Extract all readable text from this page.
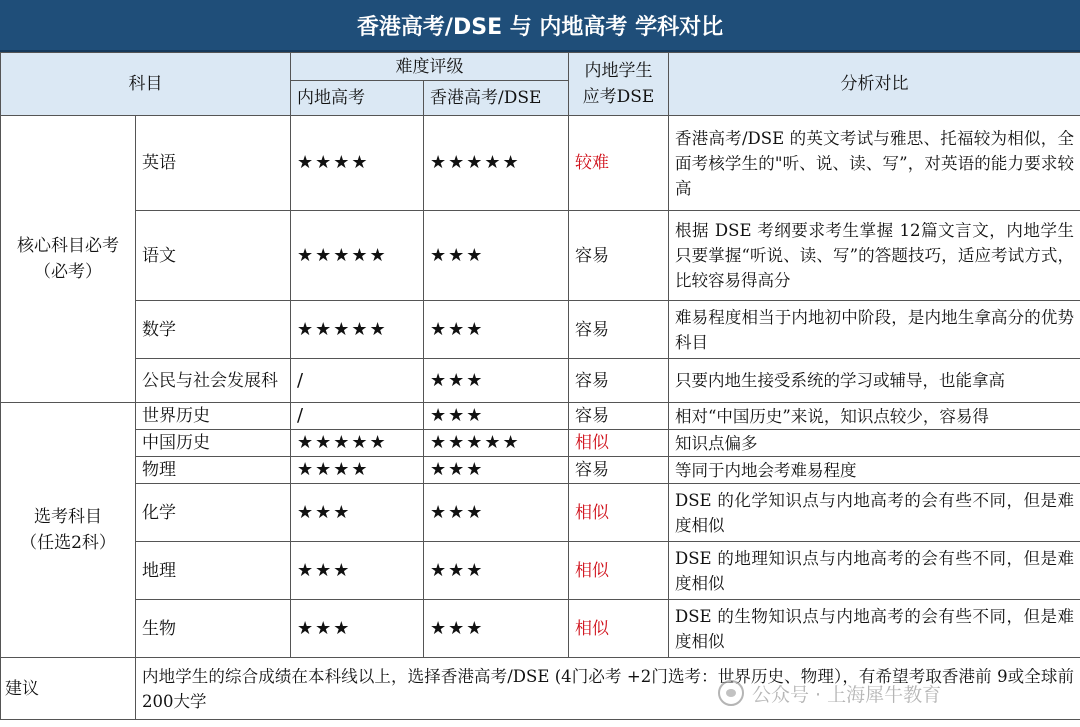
香港高考/DSE 与 内地高考 学科对比
科目		难度评级		内地学生
应考DSE	分析对比
		内地高考	香港高考/DSE		

核心科目必考
（必考）	英语	★★★★	★★★★★	较难	香港高考/DSE 的英文考试与雅思、托福较为相似，全面考核学生的"听、说、读、写”，对英语的能力要求较高
	语文	★★★★★	★★★	容易	根据 DSE 考纲要求考生掌握 12篇文言文，内地学生只要掌握“听说、读、写”的答题技巧，适应考试方式，比较容易得高分
	数学	★★★★★	★★★	容易	难易程度相当于内地初中阶段，是内地生拿高分的优势科目
	公民与社会发展科	/	★★★	容易	只要内地生接受系统的学习或辅导，也能拿高

选考科目
（任选2科）	世界历史	/	★★★	容易	相对“中国历史”来说，知识点较少，容易得
	中国历史	★★★★★	★★★★★	相似	知识点偏多
	物理	★★★★	★★★	容易	等同于内地会考难易程度
	化学	★★★	★★★	相似	DSE 的化学知识点与内地高考的会有些不同，但是难度相似
	地理	★★★	★★★	相似	DSE 的地理知识点与内地高考的会有些不同，但是难度相似
	生物	★★★	★★★	相似	DSE 的生物知识点与内地高考的会有些不同，但是难度相似
建议	内地学生的综合成绩在本科线以上，选择香港高考/DSE (4门必考 +2门选考：世界历史、物理），有希望考取香港前 9或全球前200大学					公众号 · 上海犀牛教育
